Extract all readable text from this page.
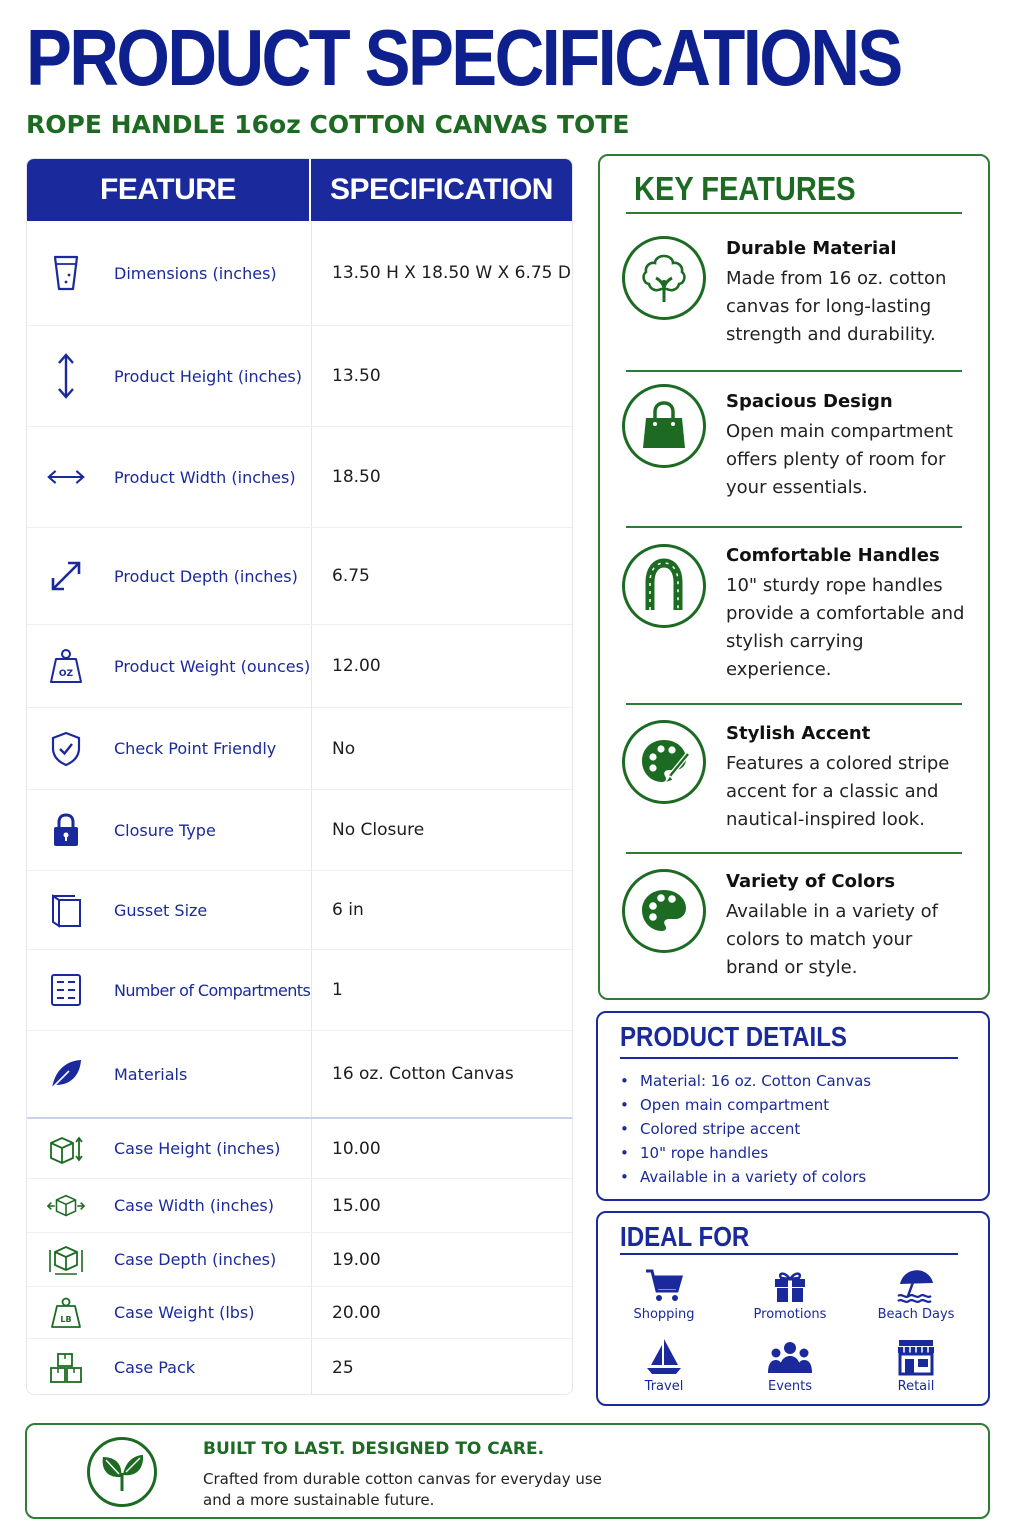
PRODUCT SPECIFICATIONS
ROPE HANDLE 16oz COTTON CANVAS TOTE
FEATURE	SPECIFICATION
Dimensions (inches)	13.50 H X 18.50 W X 6.75 D
Product Height (inches) 13.50
Product Width (inches) 18.50
Product Depth (inches) 6.75
OZ	Product Weight (ounces) 12.00
Check Point Friendly	No
Closure Type	No Closure
Gusset Size	6 in
Number of Compartments 1
Materials	16 oz. Cotton Canvas
Case Height (inches)	10.00
Case Width (inches)	15.00
Case Depth (inches)	19.00
LB	Case Weight (lbs)	20.00
Case Pack	25
KEY FEATURES
Durable Material
Made from 16 oz. cotton canvas for long-lasting strength and durability.
Spacious Design
Open main compartment offers plenty of room for your essentials.
Comfortable Handles
10" sturdy rope handles provide a comfortable and stylish carrying experience.
Stylish Accent
Features a colored stripe accent for a classic and nautical-inspired look.
Variety of Colors
Available in a variety of colors to match your brand or style.
PRODUCT DETAILS
• Material: 16 oz. Cotton Canvas
• Open main compartment
• Colored stripe accent
• 10" rope handles
• Available in a variety of colors
IDEAL FOR
Shopping	Promotions	Beach Days
Travel	Events	Retail
BUILT TO LAST. DESIGNED TO CARE.
Crafted from durable cotton canvas for everyday use and a more sustainable future.
